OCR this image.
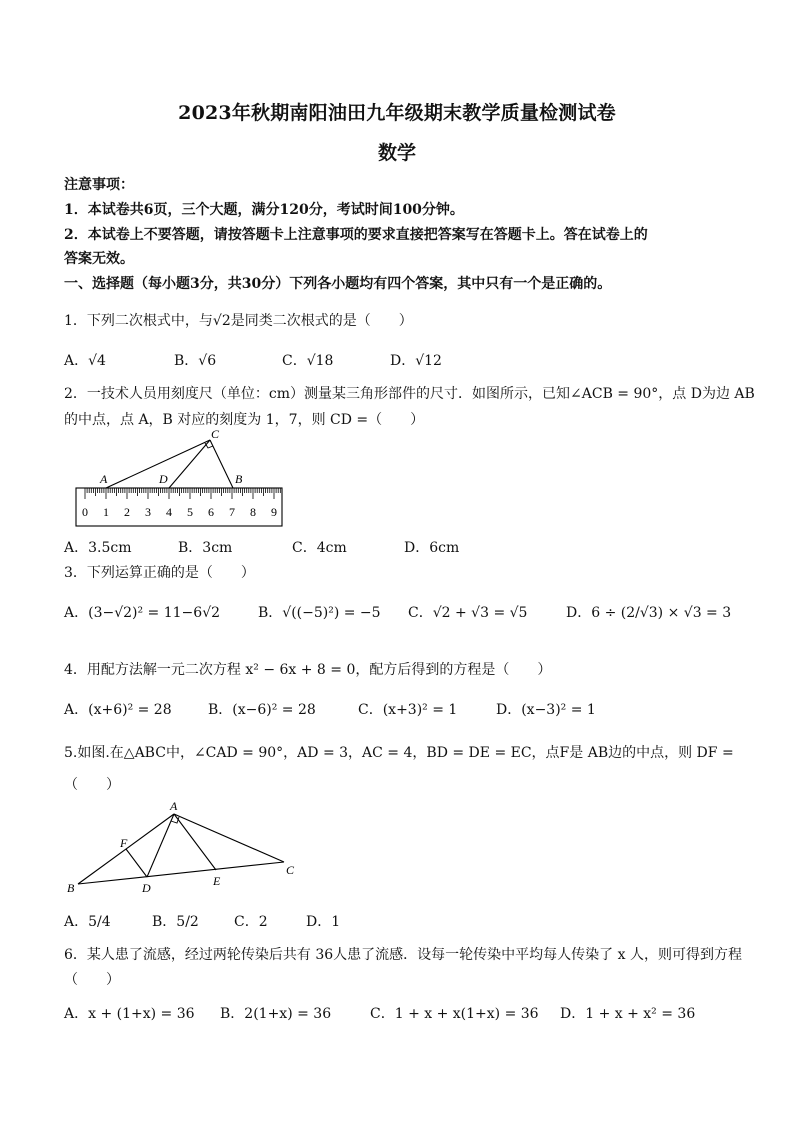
2023年秋期南阳油田九年级期末教学质量检测试卷
数学
注意事项：
1．本试卷共6页，三个大题，满分120分，考试时间100分钟。
2．本试卷上不要答题，请按答题卡上注意事项的要求直接把答案写在答题卡上。答在试卷上的
答案无效。
一、选择题（每小题3分，共30分）下列各小题均有四个答案，其中只有一个是正确的。
1．下列二次根式中，与√2是同类二次根式的是（　　）
A．√4	B．√6	C．√18	D．√12
2．一技术人员用刻度尺（单位：cm）测量某三角形部件的尺寸．如图所示，已知∠ACB = 90°，点 D为边 AB
的中点，点 A，B 对应的刻度为 1，7，则 CD =（　　）
C
A	D	B
0 1 2 3 4 5 6 7 8 9
A．3.5cm	B．3cm	C．4cm	D．6cm
3．下列运算正确的是（　　）
A．(3−√2)² = 11−6√2	B．√((−5)²) = −5 C．√2 + √3 = √5	D．6 ÷ (2/√3) × √3 = 3
4．用配方法解一元二次方程 x² − 6x + 8 = 0，配方后得到的方程是（　　）
A．(x+6)² = 28	B．(x−6)² = 28	C．(x+3)² = 1	D．(x−3)² = 1
5.如图.在△ABC中，∠CAD = 90°，AD = 3，AC = 4，BD = DE = EC，点F是 AB边的中点，则 DF =
（　　）
A
F
B	D	E
C
A．5/4	B．5/2	C．2	D．1
6．某人患了流感，经过两轮传染后共有 36人患了流感．设每一轮传染中平均每人传染了 x 人，则可得到方程
（　　）
A．x + (1+x) = 36 B．2(1+x) = 36	C．1 + x + x(1+x) = 36 D．1 + x + x² = 36
